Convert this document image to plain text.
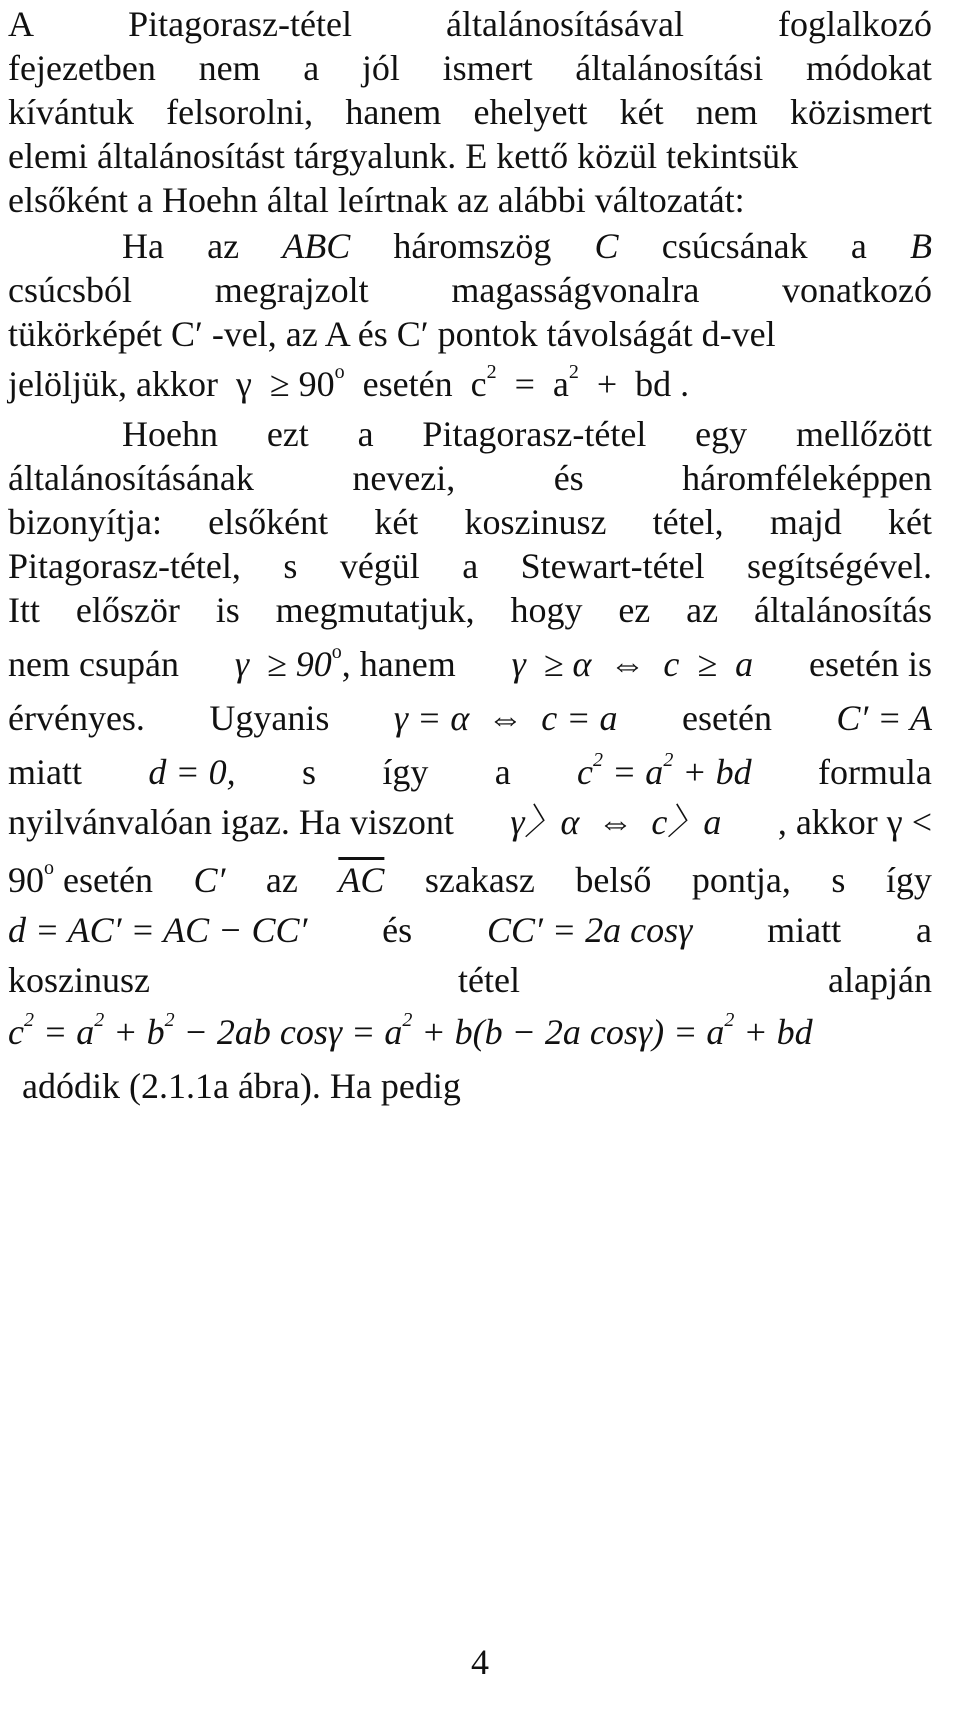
A	Pitagorasz-tétel	általánosításával	foglalkozó
fejezetben nem a jól ismert általánosítási módokat
kívántuk felsorolni, hanem ehelyett két nem közismert
elemi általánosítást tárgyalunk. E kettő közül tekintsük
elsőként a Hoehn által leírtnak az alábbi változatát:
Ha az ABC háromszög C csúcsának a B
csúcsból megrajzolt magasságvonalra vonatkozó
tükörképét C′ -vel, az A és C′ pontok távolságát d-vel
jelöljük, akkor  $\gamma \ge 90^o$  esetén  $c^2 = a^2$  +  bd .
Hoehn ezt a Pitagorasz-tétel egy mellőzött
általánosításának	nevezi,	és	háromféleképpen
bizonyítja: elsőként két koszinusz tétel, majd két
Pitagorasz-tétel, s végül a Stewart-tétel segítségével.
Itt először is megmutatjuk, hogy ez az általánosítás
nem csupán $\gamma \ge 90^o$, hanem γ  ≥ α  ⇔  c  ≥  a esetén is
érvényes. Ugyanis γ = α  ⇔  c = a esetén C′ = A
miatt d = 0, s így a $c^2 = a^2$ + bd formula
nyilvánvalóan igaz. Ha viszont γ〉α  ⇔  c〉a , akkor γ <
$90^o$ esetén C′ az $\overline{AC}$ szakasz belső pontja, s így
d = AC′ = AC − CC′ és CC′ = 2a cosγ miatt a
koszinusz	tétel	alapján
$c^2 = a^2 + b^2 - 2ab$ $\cos\gamma = a^2 + b(b - 2a$ $\cos\gamma) = a^2$ + bd
adódik (2.1.1a ábra). Ha pedig
4
